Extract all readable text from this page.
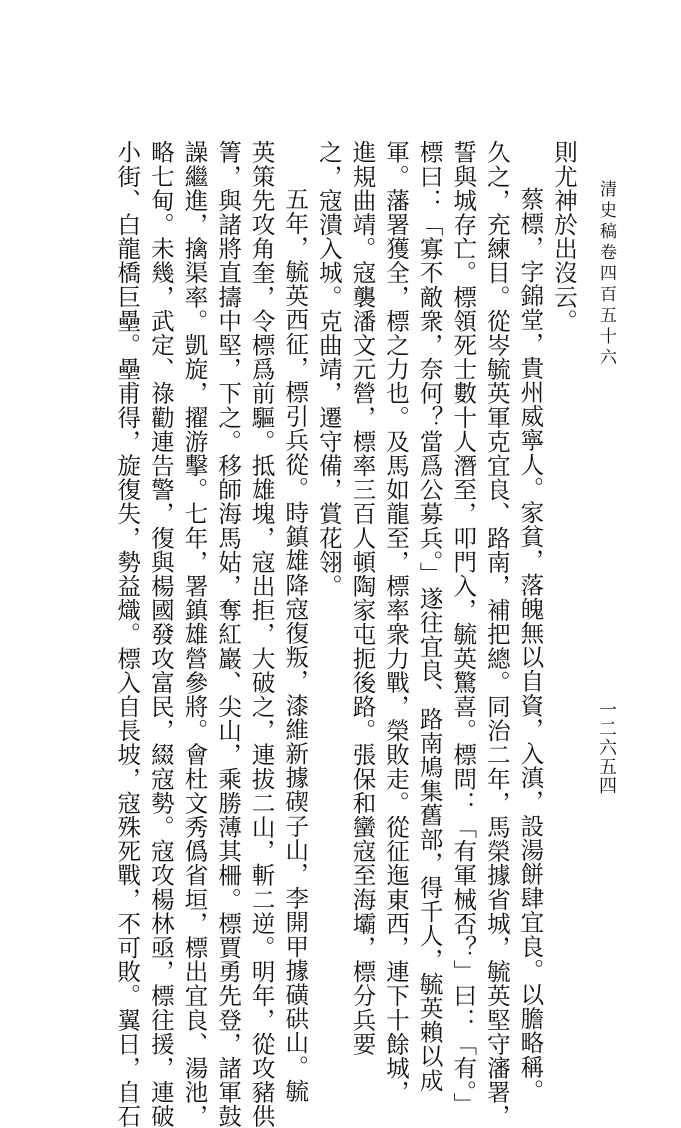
清史稿卷四百五十六
一二六五四
則尤神於出沒云。
蔡標，字錦堂，貴州威寧人。家貧，落魄無以自資，入滇，設湯餅肆宜良。以膽略稱。
久之，充練目。從岑毓英軍克宜良、路南，補把總。同治二年，馬榮據省城，毓英堅守瀋署，
誓與城存亡。標領死士數十人潛至，叩門入，毓英驚喜。標問：「有軍械否？」曰：「有。」
標曰：「寡不敵衆，奈何？當爲公募兵。」遂往宜良、路南鳩集舊部，得千人，毓英賴以成
軍。藩署獲全，標之力也。及馬如龍至，標率衆力戰，榮敗走。從征迤東西，連下十餘城，
進規曲靖。寇襲潘文元營，標率三百人頓陶家屯扼後路。張保和蠻寇至海壩，標分兵要
之，寇潰入城。克曲靖，遷守備，賞花翎。
五年，毓英西征，標引兵從。時鎮雄降寇復叛，漆維新據碶子山，李開甲據磺硔山。毓
英策先攻角奎，令標爲前驅。抵雄塊，寇出拒，大破之，連拔二山，斬二逆。明年，從攻豬供
箐，與諸將直擣中堅，下之。移師海馬姑，奪紅巖、尖山，乘勝薄其柵。標賈勇先登，諸軍鼓
譟繼進，擒渠率。凱旋，擢游擊。七年，署鎮雄營參將。會杜文秀僞省垣，標出宜良、湯池，
略七甸。未幾，武定、祿勸連告警，復與楊國發攻富民，綴寇勢。寇攻楊林亟，標往援，連破
小街、白龍橋巨壘。壘甫得，旋復失，勢益熾。標入自長坡，寇殊死戰，不可敗。翼日，自石
